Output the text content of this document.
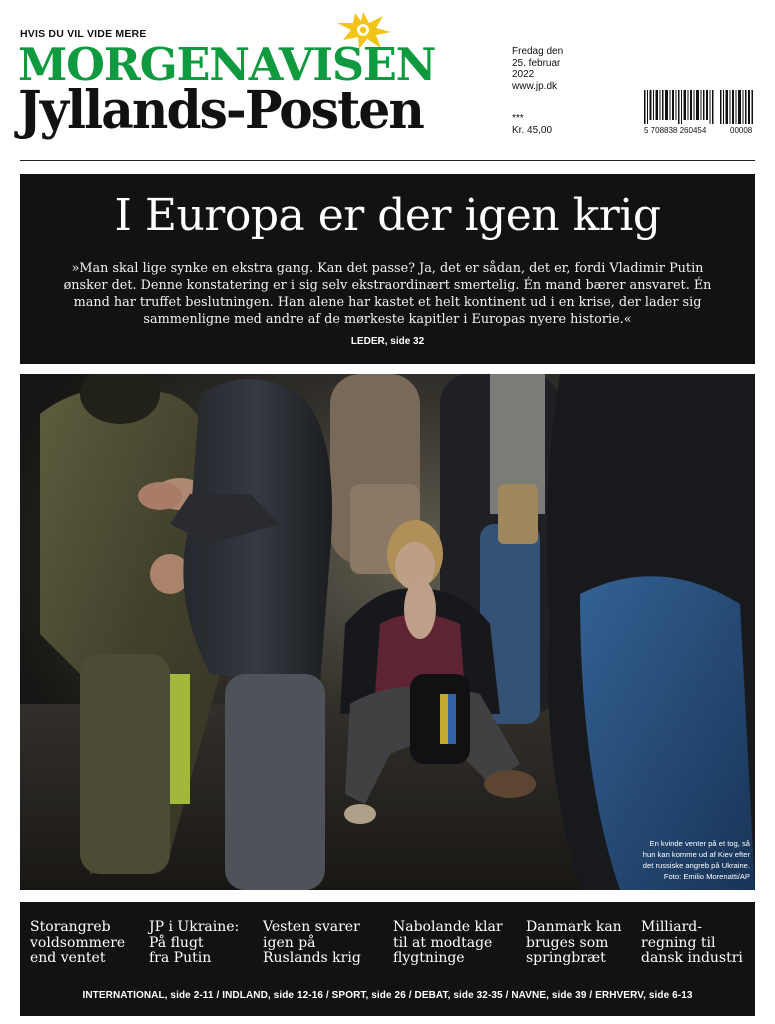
HVIS DU VIL VIDE MERE
MORGENAVISEN
Jyllands-Posten
Fredag den
25. februar
2022
www.jp.dk
***
Kr. 45,00	5 708838 260454	00008
I Europa er der igen krig
»Man skal lige synke en ekstra gang. Kan det passe? Ja, det er sådan, det er, fordi Vladimir Putin ønsker det. Denne konstatering er i sig selv ekstraordinært smertelig. Én mand bærer ansvaret. Én mand har truffet beslutningen. Han alene har kastet et helt kontinent ud i en krise, der lader sig sammenligne med andre af de mørkeste kapitler i Europas nyere historie.«
LEDER, side 32
En kvinde venter på et tog, så
hun kan komme ud af Kiev efter
det russiske angreb på Ukraine.
Foto: Emilio Morenatti/AP
Storangreb
voldsommere
end ventet
JP i Ukraine:
På flugt
fra Putin
Vesten svarer
igen på
Ruslands krig
Nabolande klar
til at modtage
flygtninge
Danmark kan
bruges som
springbræt
Milliard-
regning til
dansk industri
INTERNATIONAL, side 2-11 / INDLAND, side 12-16 / SPORT, side 26 / DEBAT, side 32-35 / NAVNE, side 39 / ERHVERV, side 6-13
